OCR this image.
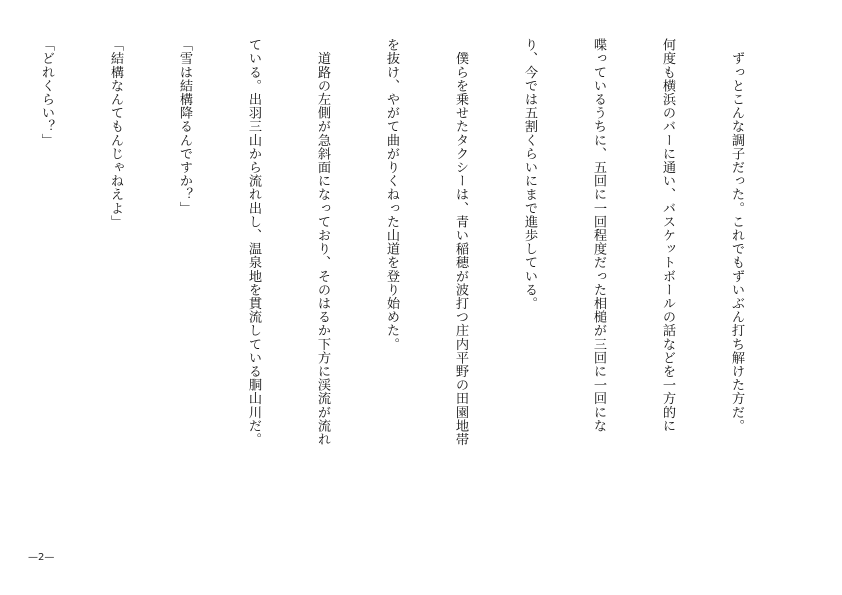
　ずっとこんな調子だった。これでもずいぶん打ち解けた方だ。

何度も横浜のバーに通い、バスケットボールの話などを一方的に

喋っているうちに、五回に一回程度だった相槌が三回に一回にな

り、今では五割くらいにまで進歩している。

　僕らを乗せたタクシーは、青い稲穂が波打つ庄内平野の田園地帯

を抜け、やがて曲がりくねった山道を登り始めた。

　道路の左側が急斜面になっており、そのはるか下方に渓流が流れ

ている。出羽三山から流れ出し、温泉地を貫流している胴山川だ。

「雪は結構降るんですか？」

「結構なんてもんじゃねえよ」

「どれくらい？」

—2—
